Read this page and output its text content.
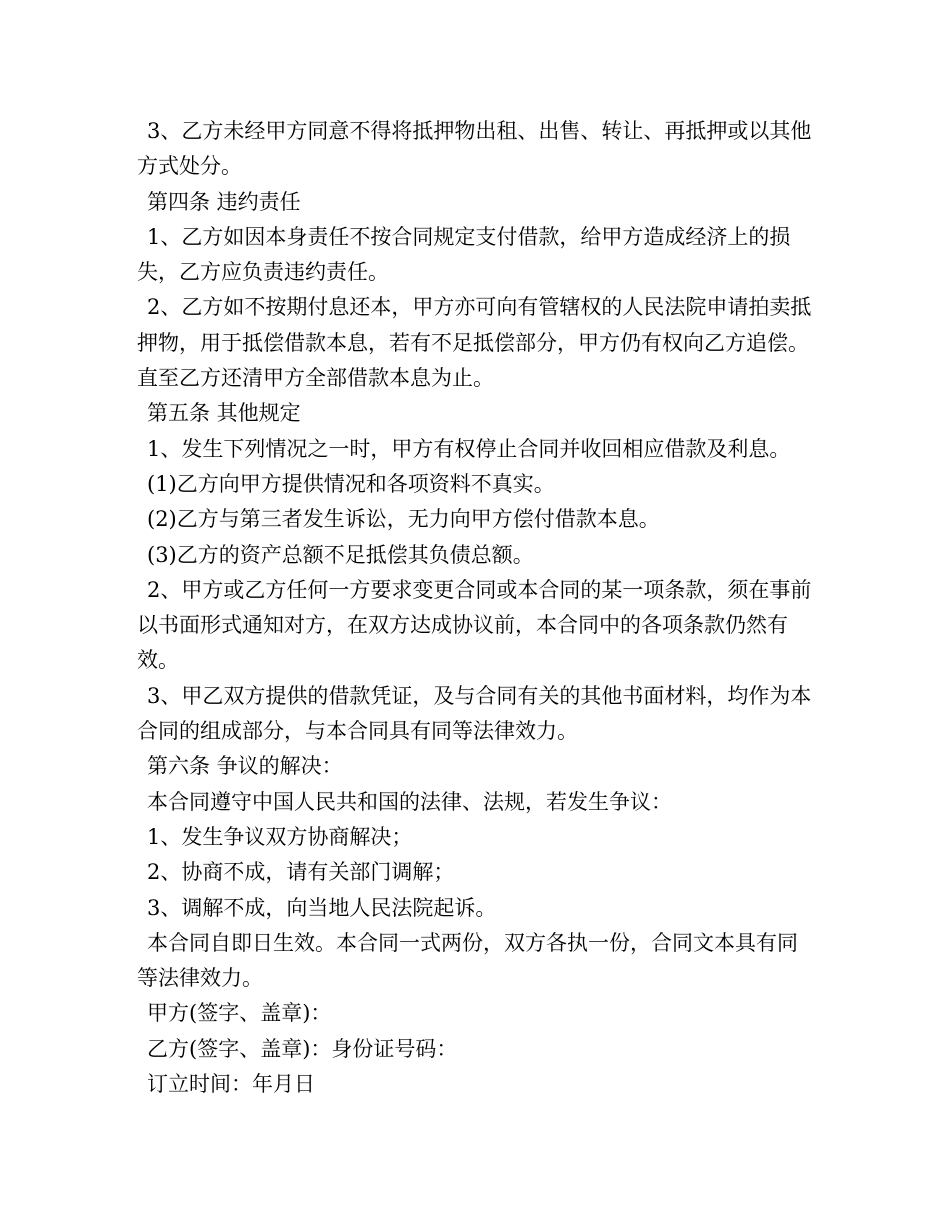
3、乙方未经甲方同意不得将抵押物出租、出售、转让、再抵押或以其他方式处分。

第四条 违约责任

1、乙方如因本身责任不按合同规定支付借款，给甲方造成经济上的损失，乙方应负责违约责任。

2、乙方如不按期付息还本，甲方亦可向有管辖权的人民法院申请拍卖抵押物，用于抵偿借款本息，若有不足抵偿部分，甲方仍有权向乙方追偿。直至乙方还清甲方全部借款本息为止。

第五条 其他规定

1、发生下列情况之一时，甲方有权停止合同并收回相应借款及利息。

(1)乙方向甲方提供情况和各项资料不真实。

(2)乙方与第三者发生诉讼，无力向甲方偿付借款本息。

(3)乙方的资产总额不足抵偿其负债总额。

2、甲方或乙方任何一方要求变更合同或本合同的某一项条款，须在事前以书面形式通知对方，在双方达成协议前，本合同中的各项条款仍然有效。

3、甲乙双方提供的借款凭证，及与合同有关的其他书面材料，均作为本合同的组成部分，与本合同具有同等法律效力。

第六条 争议的解决：

本合同遵守中国人民共和国的法律、法规，若发生争议：

1、发生争议双方协商解决；

2、协商不成，请有关部门调解；

3、调解不成，向当地人民法院起诉。

本合同自即日生效。本合同一式两份，双方各执一份，合同文本具有同等法律效力。

甲方(签字、盖章)：

乙方(签字、盖章)：身份证号码：

订立时间：年月日
